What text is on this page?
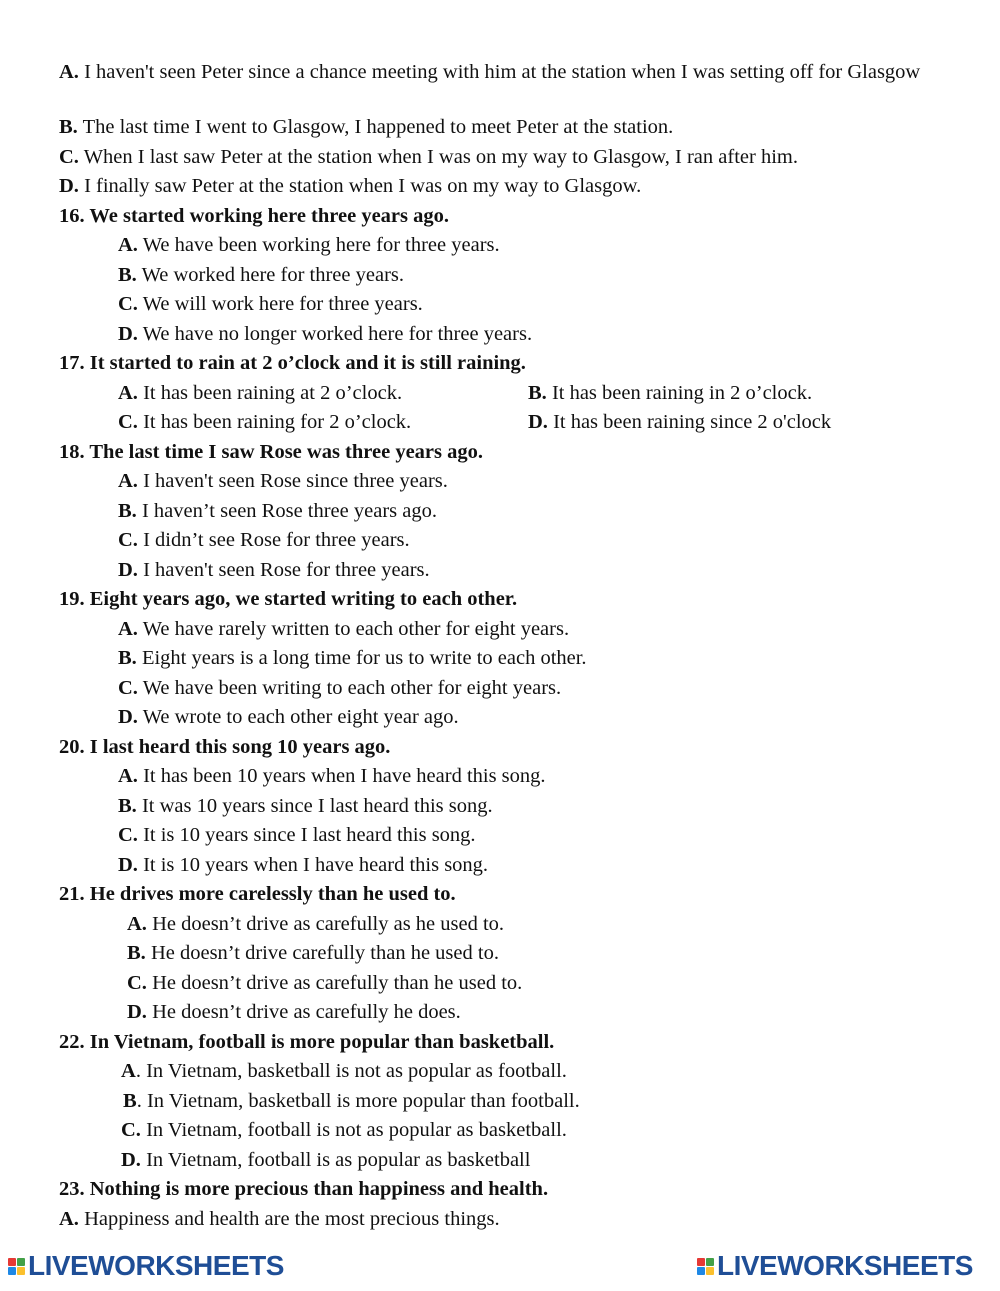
A. I haven't seen Peter since a chance meeting with him at the station when I was setting off for Glasgow
B. The last time I went to Glasgow, I happened to meet Peter at the station.
C. When I last saw Peter at the station when I was on my way to Glasgow, I ran after him.
D. I finally saw Peter at the station when I was on my way to Glasgow.
16. We started working here three years ago.
A. We have been working here for three years.
B. We worked here for three years.
C. We will work here for three years.
D. We have no longer worked here for three years.
17. It started to rain at 2 o’clock and it is still raining.
A. It has been raining at 2 o’clock.	B. It has been raining in 2 o’clock.
C. It has been raining for 2 o’clock.	D. It has been raining since 2 o'clock
18. The last time I saw Rose was three years ago.
A. I haven't seen Rose since three years.
B. I haven’t seen Rose three years ago.
C. I didn’t see Rose for three years.
D. I haven't seen Rose for three years.
19. Eight years ago, we started writing to each other.
A. We have rarely written to each other for eight years.
B. Eight years is a long time for us to write to each other.
C. We have been writing to each other for eight years.
D. We wrote to each other eight year ago.
20. I last heard this song 10 years ago.
A. It has been 10 years when I have heard this song.
B. It was 10 years since I last heard this song.
C. It is 10 years since I last heard this song.
D. It is 10 years when I have heard this song.
21. He drives more carelessly than he used to.
A. He doesn’t drive as carefully as he used to.
B. He doesn’t drive carefully than he used to.
C. He doesn’t drive as carefully than he used to.
D. He doesn’t drive as carefully he does.
22. In Vietnam, football is more popular than basketball.
A. In Vietnam, basketball is not as popular as football.
B. In Vietnam, basketball is more popular than football.
C. In Vietnam, football is not as popular as basketball.
D. In Vietnam, football is as popular as basketball
23. Nothing is more precious than happiness and health.
A. Happiness and health are the most precious things.
LIVEWORKSHEETS	LIVEWORKSHEETS
